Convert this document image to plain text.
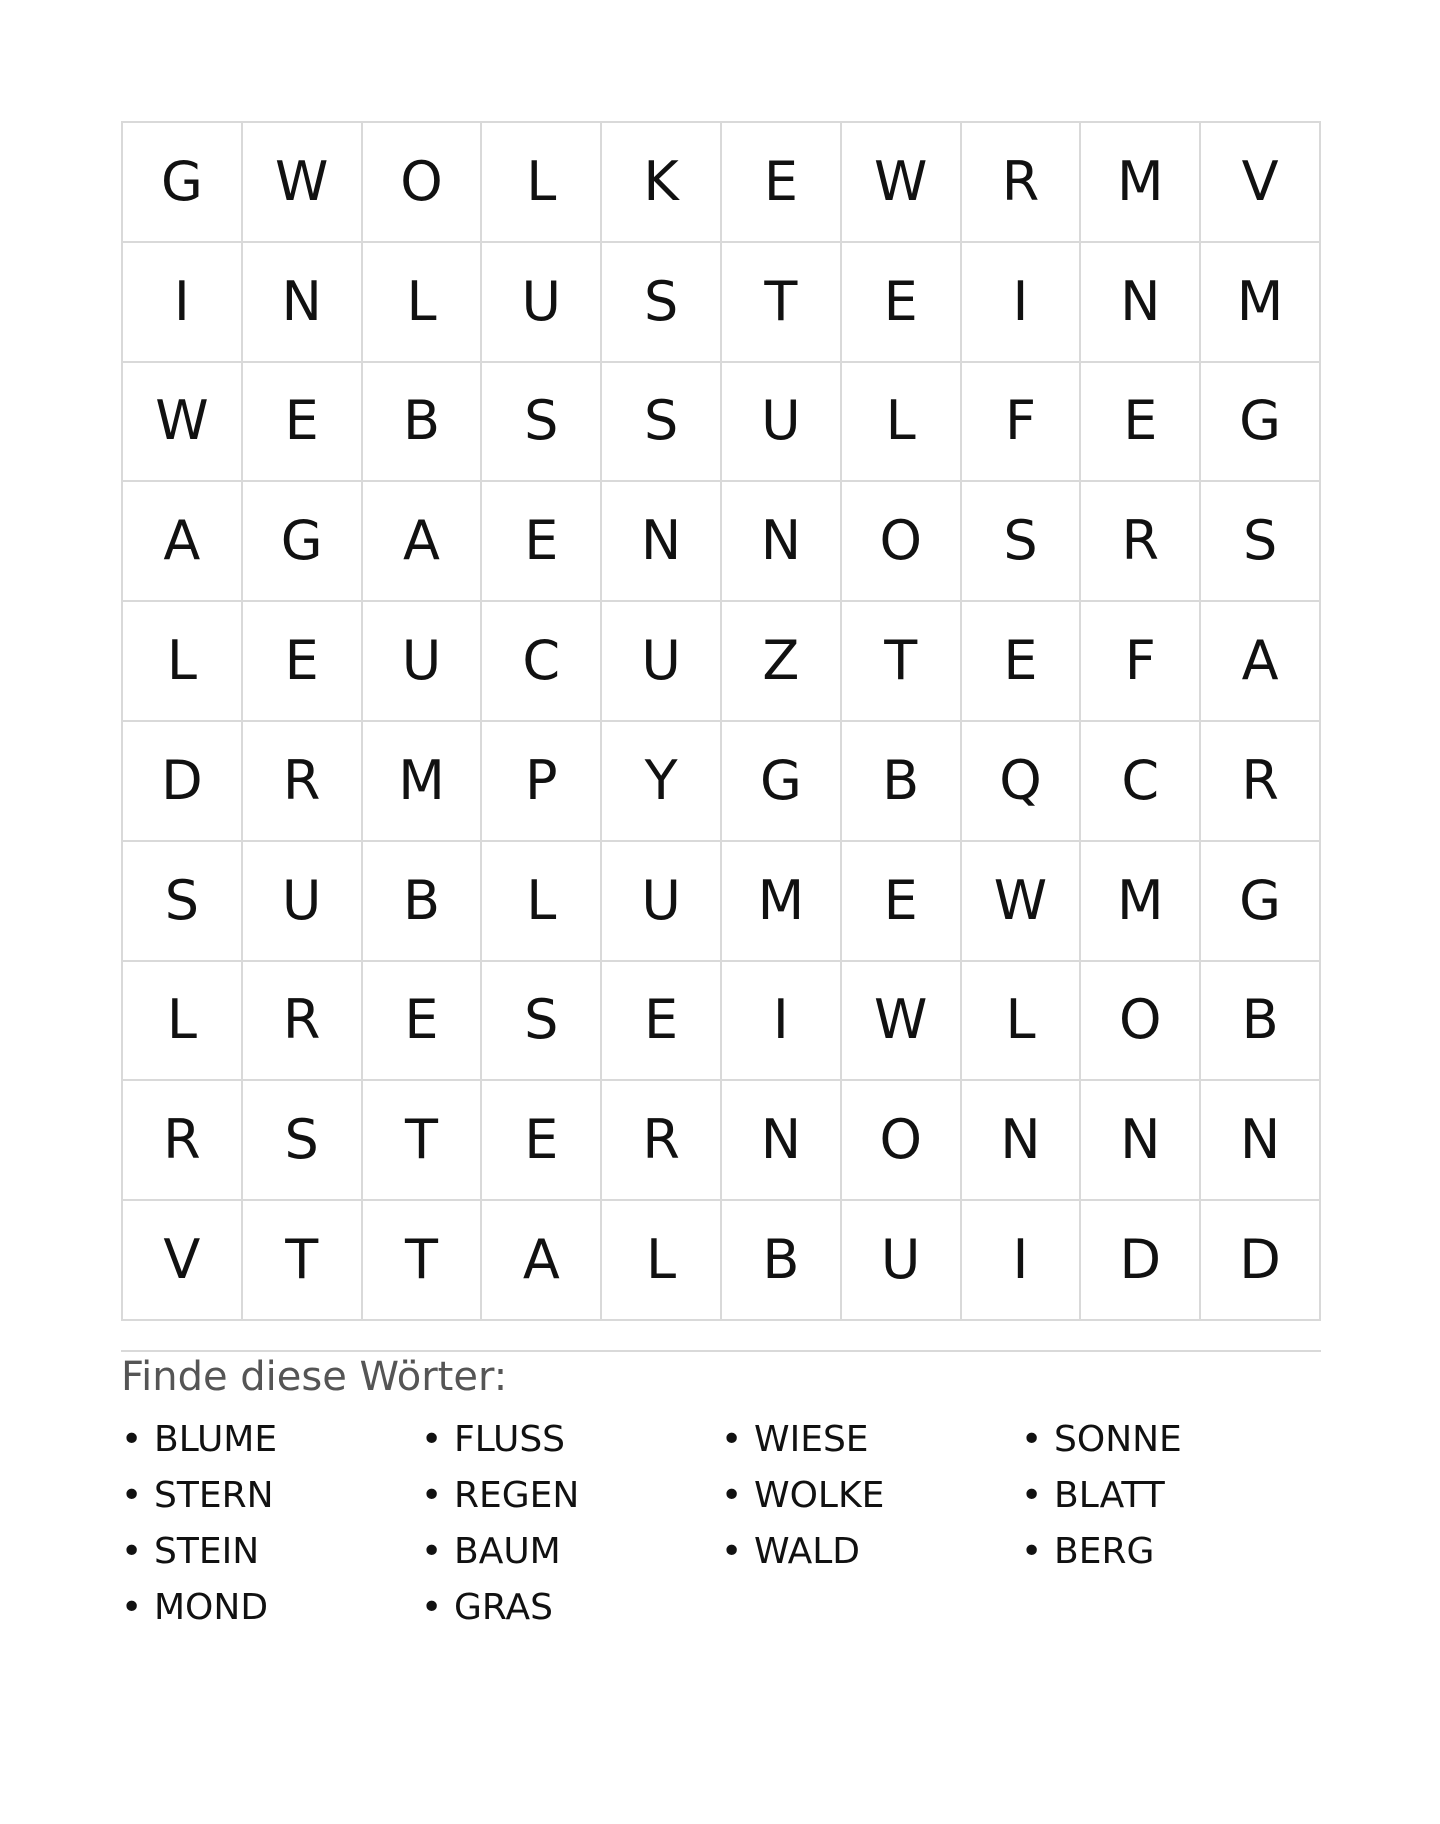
G	W	O	L	K	E	W	R	M	V
I	N	L	U	S	T	E	I	N	M
W	E	B	S	S	U	L	F	E	G
A	G	A	E	N	N	O	S	R	S
L	E	U	C	U	Z	T	E	F	A
D	R	M	P	Y	G	B	Q	C	R
S	U	B	L	U	M	E	W	M	G
L	R	E	S	E	I	W	L	O	B
R	S	T	E	R	N	O	N	N	N
V	T	T	A	L	B	U	I	D	D
Finde diese Wörter:
• BLUME	• FLUSS	• WIESE	• SONNE
• STERN	• REGEN	• WOLKE	• BLATT
• STEIN	• BAUM	• WALD	• BERG
• MOND	• GRAS
